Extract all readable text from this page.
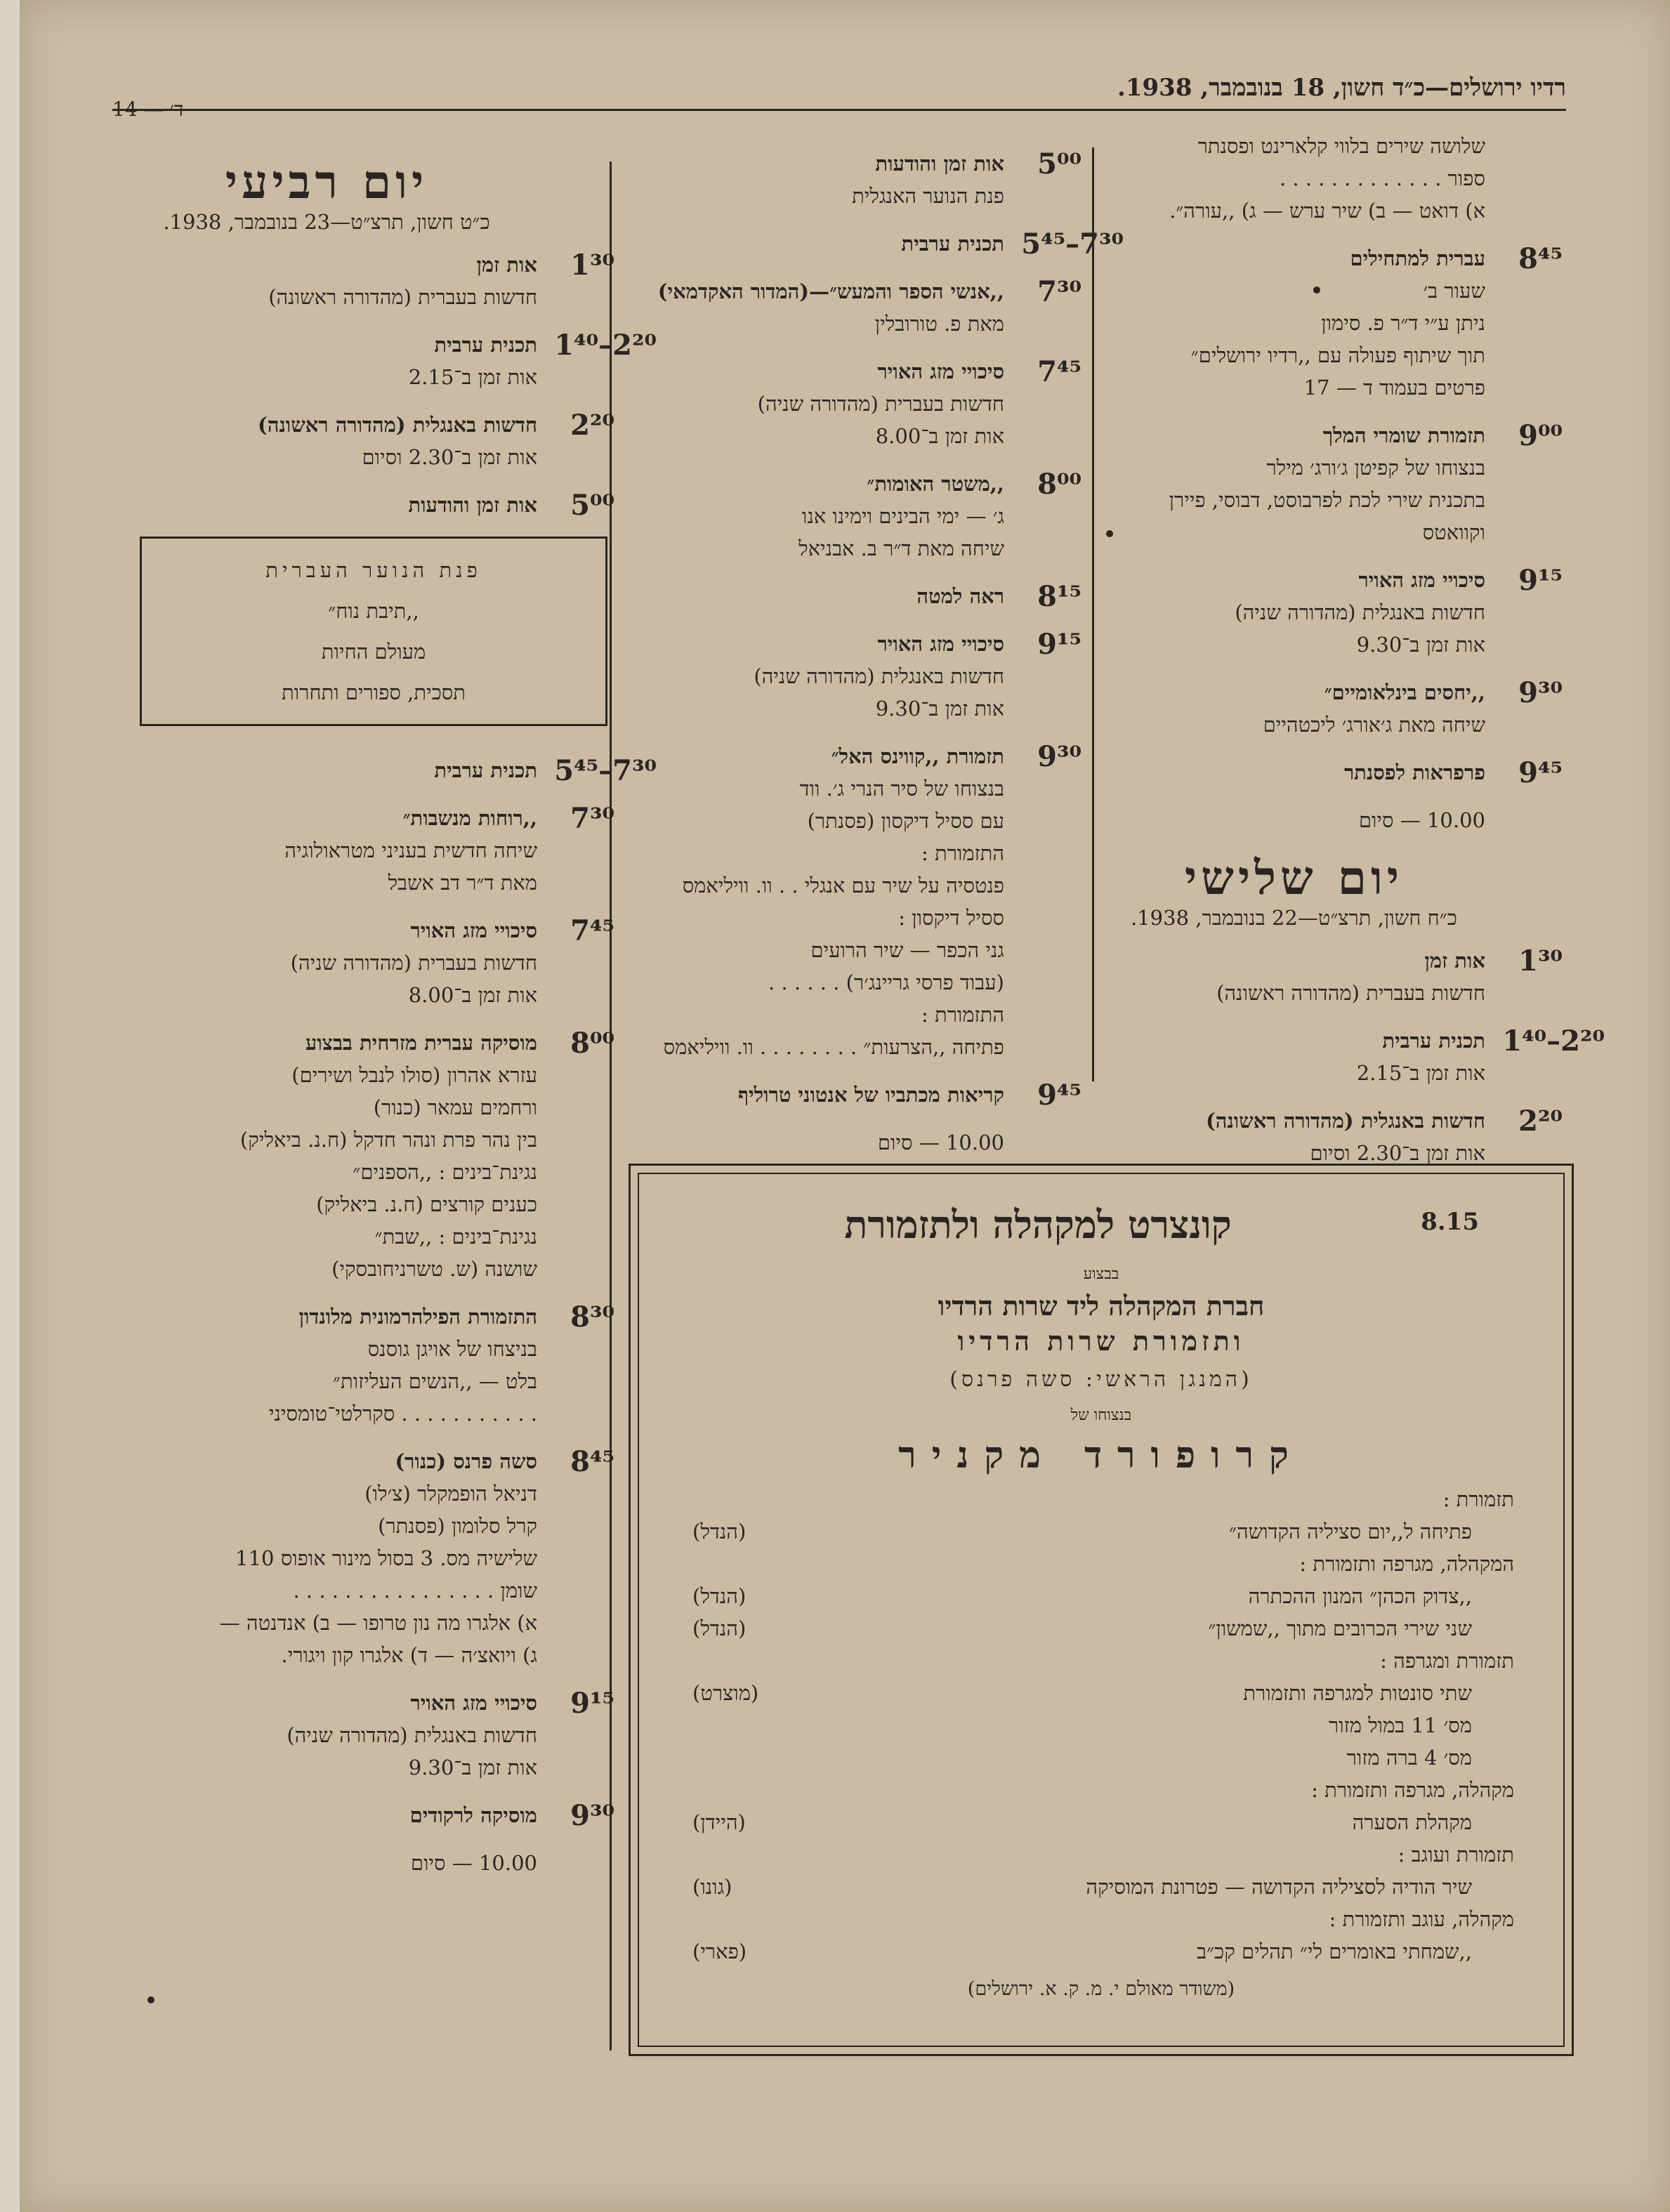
רדיו ירושלים—כ״ד חשון, 18 בנובמבר, 1938.
ד׳ — 14
שלושה שירים בלווי קלארינט ופסנתר
ספור . . . . . . . . . . . . .
א) דואט — ב) שיר ערש — ג) ,,עורה״.
8⁴⁵
עברית למתחילים
שעור ב׳
ניתן ע״י ד״ר פ. סימון
תוך שיתוף פעולה עם ,,רדיו ירושלים״
פרטים בעמוד ד — 17
9⁰⁰
תזמורת שומרי המלך
בנצוחו של קפיטן ג׳ורג׳ מילר
בתכנית שירי לכת לפרבוסט, דבוסי, פיירן
וקוואטס
9¹⁵
סיכויי מזג האויר
חדשות באנגלית (מהדורה שניה)
אות זמן ב־9.30
9³⁰
,,יחסים בינלאומיים״
שיחה מאת ג׳אורג׳ ליכטהיים
9⁴⁵
פרפראות לפסנתר
10.00 — סיום
יום שלישי
כ״ח חשון, תרצ״ט—22 בנובמבר, 1938.
1³⁰
אות זמן
חדשות בעברית (מהדורה ראשונה)
1⁴⁰–2²⁰
תכנית ערבית
אות זמן ב־2.15
2²⁰
חדשות באנגלית (מהדורה ראשונה)
אות זמן ב־2.30 וסיום
5⁰⁰
אות זמן והודעות
פנת הנוער האנגלית
5⁴⁵–7³⁰
תכנית ערבית
7³⁰
,,אנשי הספר והמעש״—(המדור האקדמאי)
מאת פ. טורובלין
7⁴⁵
סיכויי מזג האויר
חדשות בעברית (מהדורה שניה)
אות זמן ב־8.00
8⁰⁰
,,משטר האומות״
ג׳ — ימי הבינים וימינו אנו
שיחה מאת ד״ר ב. אבניאל
8¹⁵
ראה למטה
9¹⁵
סיכויי מזג האויר
חדשות באנגלית (מהדורה שניה)
אות זמן ב־9.30
9³⁰
תזמורת ,,קווינס האל״
בנצוחו של סיר הנרי ג׳. ווד
עם ססיל דיקסון (פסנתר)
התזמורת :
פנטסיה על שיר עם אנגלי . . וו. וויליאמס
ססיל דיקסון :
גני הכפר — שיר הרועים
(עבוד פרסי גריינג׳ר) . . . . . .
התזמורת :
פתיחה ,,הצרעות״ . . . . . . . . וו. וויליאמס
9⁴⁵
קריאות מכתביו של אנטוני טרוליף
10.00 — סיום
יום רביעי
כ״ט חשון, תרצ״ט—23 בנובמבר, 1938.
1³⁰
אות זמן
חדשות בעברית (מהדורה ראשונה)
1⁴⁰–2²⁰
תכנית ערבית
אות זמן ב־2.15
2²⁰
חדשות באנגלית (מהדורה ראשונה)
אות זמן ב־2.30 וסיום
5⁰⁰
אות זמן והודעות
פנת הנוער העברית
,,תיבת נוח״
מעולם החיות
תסכית, ספורים ותחרות
5⁴⁵–7³⁰
תכנית ערבית
7³⁰
,,רוחות מנשבות״
שיחה חדשית בעניני מטראולוגיה
מאת ד״ר דב אשבל
7⁴⁵
סיכויי מזג האויר
חדשות בעברית (מהדורה שניה)
אות זמן ב־8.00
8⁰⁰
מוסיקה עברית מזרחית בבצוע
עזרא אהרון (סולו לנבל ושירים)
ורחמים עמאר (כנור)
בין נהר פרת ונהר חדקל (ח.נ. ביאליק)
נגינת־בינים : ,,הספנים״
כענים קורצים (ח.נ. ביאליק)
נגינת־בינים : ,,שבת״
שושנה (ש. טשרניחובסקי)
8³⁰
התזמורת הפילהרמונית מלונדון
בניצחו של אויגן גוסנס
בלט — ,,הנשים העליזות״
. . . . . . . . . . . סקרלטי־טומסיני
8⁴⁵
סשה פרנס (כנור)
דניאל הופמקלר (צ׳לו)
קרל סלומון (פסנתר)
שלישיה מס. 3 בסול מינור אופוס 110
שומן . . . . . . . . . . . . . . . .
א) אלגרו מה נון טרופו — ב) אנדנטה —
ג) ויואצ׳ה — ד) אלגרו קון ויגורי.
9¹⁵
סיכויי מזג האויר
חדשות באנגלית (מהדורה שניה)
אות זמן ב־9.30
9³⁰
מוסיקה לרקודים
10.00 — סיום
8.15
קונצרט למקהלה ולתזמורת
בבצוע
חברת המקהלה ליד שרות הרדיו
ותזמורת שרות הרדיו
(המנגן הראשי: סשה פרנס)
בנצוחו של
קרופורד מקניר
תזמורת :
פתיחה ל,,יום סציליה הקדושה״
(הנדל)
המקהלה, מגרפה ותזמורת :
,,צדוק הכהן״ המנון ההכתרה
(הנדל)
שני שירי הכרובים מתוך ,,שמשון״
(הנדל)
תזמורת ומגרפה :
שתי סונטות למגרפה ותזמורת
(מוצרט)
מס׳ 11 במול מזור
מס׳ 4 ברה מזור
מקהלה, מגרפה ותזמורת :
מקהלת הסערה
(היידן)
תזמורת ועוגב :
שיר הודיה לסציליה הקדושה — פטרונת המוסיקה
(גונו)
מקהלה, עוגב ותזמורת :
,,שמחתי באומרים לי״ תהלים קכ״ב
(פארי)
(משודר מאולם י. מ. ק. א. ירושלים)
